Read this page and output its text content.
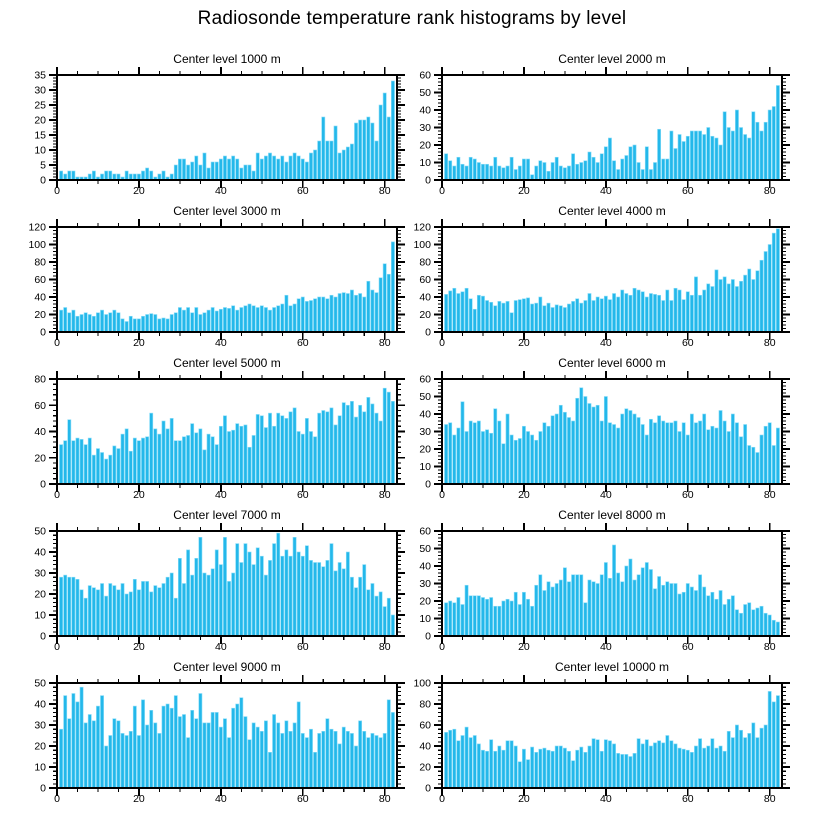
Radiosonde temperature rank histograms by level
Center level 1000 m
0	20	40	60	80
0
5
10
15
20
25
30
35
Center level 2000 m
0	20	40	60	80
0
10
20
30
40
50
60
Center level 3000 m
0	20	40	60	80
0
20
40
60
80
100
120
Center level 4000 m
0	20	40	60	80
0
20
40
60
80
100
120
Center level 5000 m
0	20	40	60	80
0
20
40
60
80
Center level 6000 m
0	20	40	60	80
0
10
20
30
40
50
60
Center level 7000 m
0	20	40	60	80
0
10
20
30
40
50
Center level 8000 m
0	20	40	60	80
0
10
20
30
40
50
60
Center level 9000 m
0	20	40	60	80
0
10
20
30
40
50
Center level 10000 m
0	20	40	60	80
0
20
40
60
80
100
